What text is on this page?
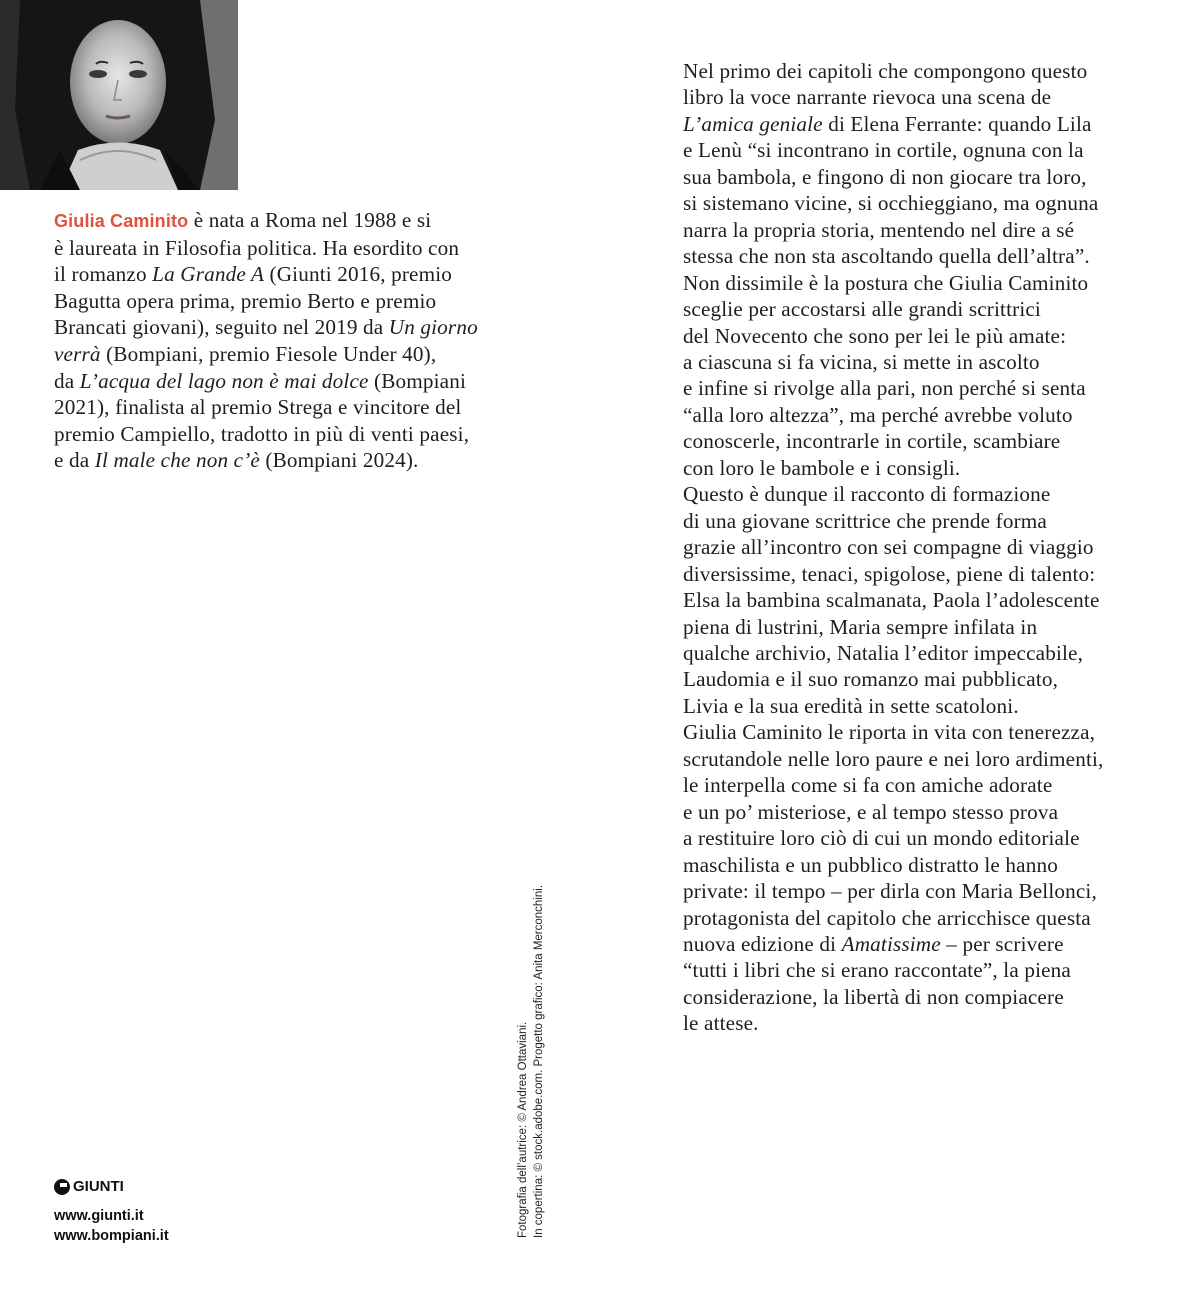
Giulia Caminito è nata a Roma nel 1988 e si
è laureata in Filosofia politica. Ha esordito con
il romanzo La Grande A (Giunti 2016, premio
Bagutta opera prima, premio Berto e premio
Brancati giovani), seguito nel 2019 da Un giorno
verrà (Bompiani, premio Fiesole Under 40),
da L’acqua del lago non è mai dolce (Bompiani
2021), finalista al premio Strega e vincitore del
premio Campiello, tradotto in più di venti paesi,
e da Il male che non c’è (Bompiani 2024).
GIUNTI
www.giunti.it
www.bompiani.it	Fotografia dell’autrice: © Andrea Ottaviani. In copertina: © stock.adobe.com. Progetto grafico: Anita Merconchini.
Nel primo dei capitoli che compongono questo
libro la voce narrante rievoca una scena de
L’amica geniale di Elena Ferrante: quando Lila
e Lenù “si incontrano in cortile, ognuna con la
sua bambola, e fingono di non giocare tra loro,
si sistemano vicine, si occhieggiano, ma ognuna
narra la propria storia, mentendo nel dire a sé
stessa che non sta ascoltando quella dell’altra”.
Non dissimile è la postura che Giulia Caminito
sceglie per accostarsi alle grandi scrittrici
del Novecento che sono per lei le più amate:
a ciascuna si fa vicina, si mette in ascolto
e infine si rivolge alla pari, non perché si senta
“alla loro altezza”, ma perché avrebbe voluto
conoscerle, incontrarle in cortile, scambiare
con loro le bambole e i consigli.
Questo è dunque il racconto di formazione
di una giovane scrittrice che prende forma
grazie all’incontro con sei compagne di viaggio
diversissime, tenaci, spigolose, piene di talento:
Elsa la bambina scalmanata, Paola l’adolescente
piena di lustrini, Maria sempre infilata in
qualche archivio, Natalia l’editor impeccabile,
Laudomia e il suo romanzo mai pubblicato,
Livia e la sua eredità in sette scatoloni.
Giulia Caminito le riporta in vita con tenerezza,
scrutandole nelle loro paure e nei loro ardimenti,
le interpella come si fa con amiche adorate
e un po’ misteriose, e al tempo stesso prova
a restituire loro ciò di cui un mondo editoriale
maschilista e un pubblico distratto le hanno
private: il tempo – per dirla con Maria Bellonci,
protagonista del capitolo che arricchisce questa
nuova edizione di Amatissime – per scrivere
“tutti i libri che si erano raccontate”, la piena
considerazione, la libertà di non compiacere
le attese.
